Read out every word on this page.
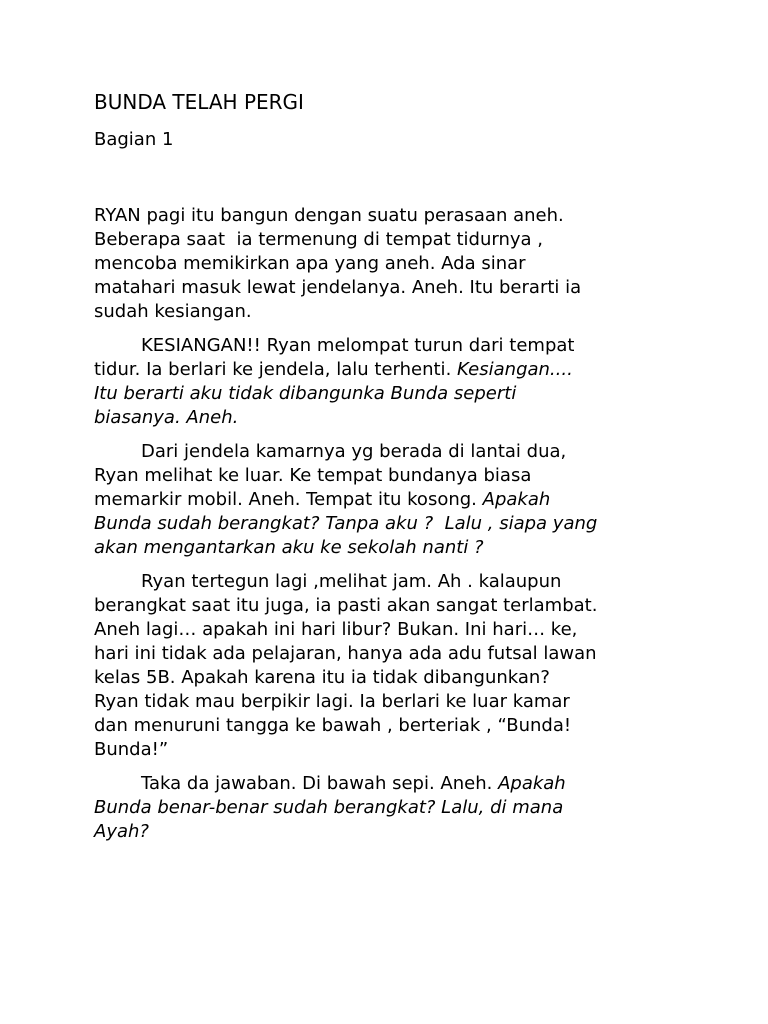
BUNDA TELAH PERGI
Bagian 1
RYAN pagi itu bangun dengan suatu perasaan aneh.
Beberapa saat  ia termenung di tempat tidurnya ,
mencoba memikirkan apa yang aneh. Ada sinar
matahari masuk lewat jendelanya. Aneh. Itu berarti ia
sudah kesiangan.
KESIANGAN!! Ryan melompat turun dari tempat
tidur. Ia berlari ke jendela, lalu terhenti. Kesiangan....
Itu berarti aku tidak dibangunka Bunda seperti
biasanya. Aneh.
Dari jendela kamarnya yg berada di lantai dua,
Ryan melihat ke luar. Ke tempat bundanya biasa
memarkir mobil. Aneh. Tempat itu kosong. Apakah
Bunda sudah berangkat? Tanpa aku ?  Lalu , siapa yang
akan mengantarkan aku ke sekolah nanti ?
Ryan tertegun lagi ,melihat jam. Ah . kalaupun
berangkat saat itu juga, ia pasti akan sangat terlambat.
Aneh lagi… apakah ini hari libur? Bukan. Ini hari… ke,
hari ini tidak ada pelajaran, hanya ada adu futsal lawan
kelas 5B. Apakah karena itu ia tidak dibangunkan?
Ryan tidak mau berpikir lagi. Ia berlari ke luar kamar
dan menuruni tangga ke bawah , berteriak , “Bunda!
Bunda!”
Taka da jawaban. Di bawah sepi. Aneh. Apakah
Bunda benar-benar sudah berangkat? Lalu, di mana
Ayah?
